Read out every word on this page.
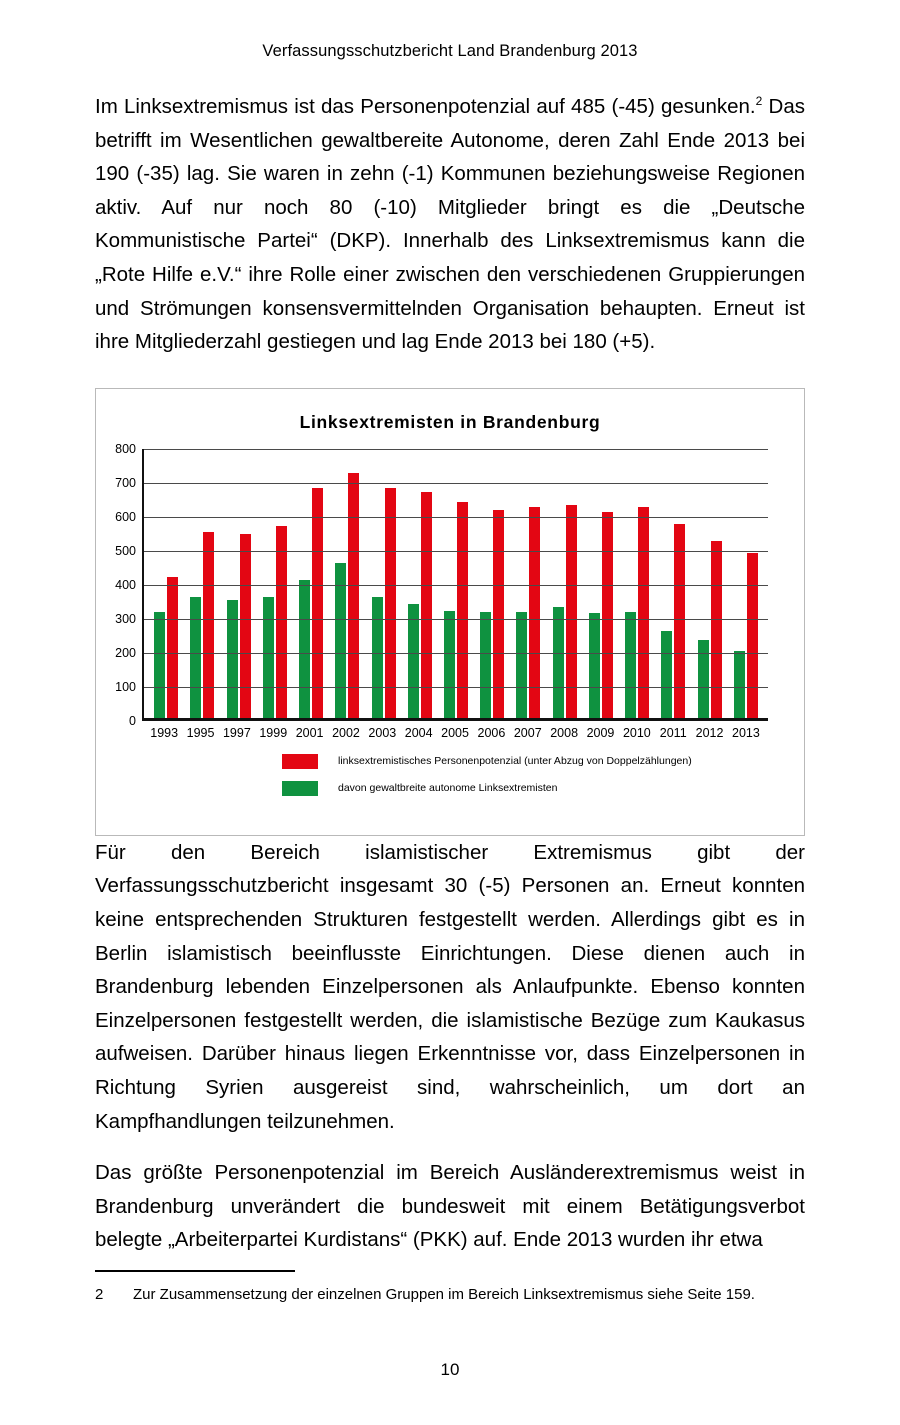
Verfassungsschutzbericht Land Brandenburg 2013

Im Linksextremismus ist das Personenpotenzial auf 485 (-45) gesunken.$^2$ Das betrifft im Wesentlichen gewaltbereite Autonome, deren Zahl Ende 2013 bei 190 (-35) lag. Sie waren in zehn (-1) Kommunen beziehungsweise Regionen aktiv. Auf nur noch 80 (-10) Mitglieder bringt es die „Deutsche Kommunistische Partei“ (DKP). Innerhalb des Linksextremismus kann die „Rote Hilfe e.V.“ ihre Rolle einer zwischen den verschiedenen Gruppierungen und Strömungen konsensvermittelnden Organisation behaupten. Erneut ist ihre Mitgliederzahl gestiegen und lag Ende 2013 bei 180 (+5).

Linksextremisten in Brandenburg
800
700
600
500
400
300
200
100
0
1993 1995 1997 1999 2001 2002 2003 2004 2005 2006 2007 2008 2009 2010 2011 2012 2013
linksextremistisches Personenpotenzial (unter Abzug von Doppelzählungen)
davon gewaltbreite autonome Linksextremisten

Für den Bereich islamistischer Extremismus gibt der Verfassungsschutzbericht insgesamt 30 (-5) Personen an. Erneut konnten keine entsprechenden Strukturen festgestellt werden. Allerdings gibt es in Berlin islamistisch beeinflusste Einrichtungen. Diese dienen auch in Brandenburg lebenden Einzelpersonen als Anlaufpunkte. Ebenso konnten Einzelpersonen festgestellt werden, die islamistische Bezüge zum Kaukasus aufweisen. Darüber hinaus liegen Erkenntnisse vor, dass Einzelpersonen in Richtung Syrien ausgereist sind, wahrscheinlich, um dort an Kampfhandlungen teilzunehmen.

Das größte Personenpotenzial im Bereich Ausländerextremismus weist in Brandenburg unverändert die bundesweit mit einem Betätigungsverbot belegte „Arbeiterpartei Kurdistans“ (PKK) auf. Ende 2013 wurden ihr etwa

2	Zur Zusammensetzung der einzelnen Gruppen im Bereich Linksextremismus siehe Seite 159.
10
